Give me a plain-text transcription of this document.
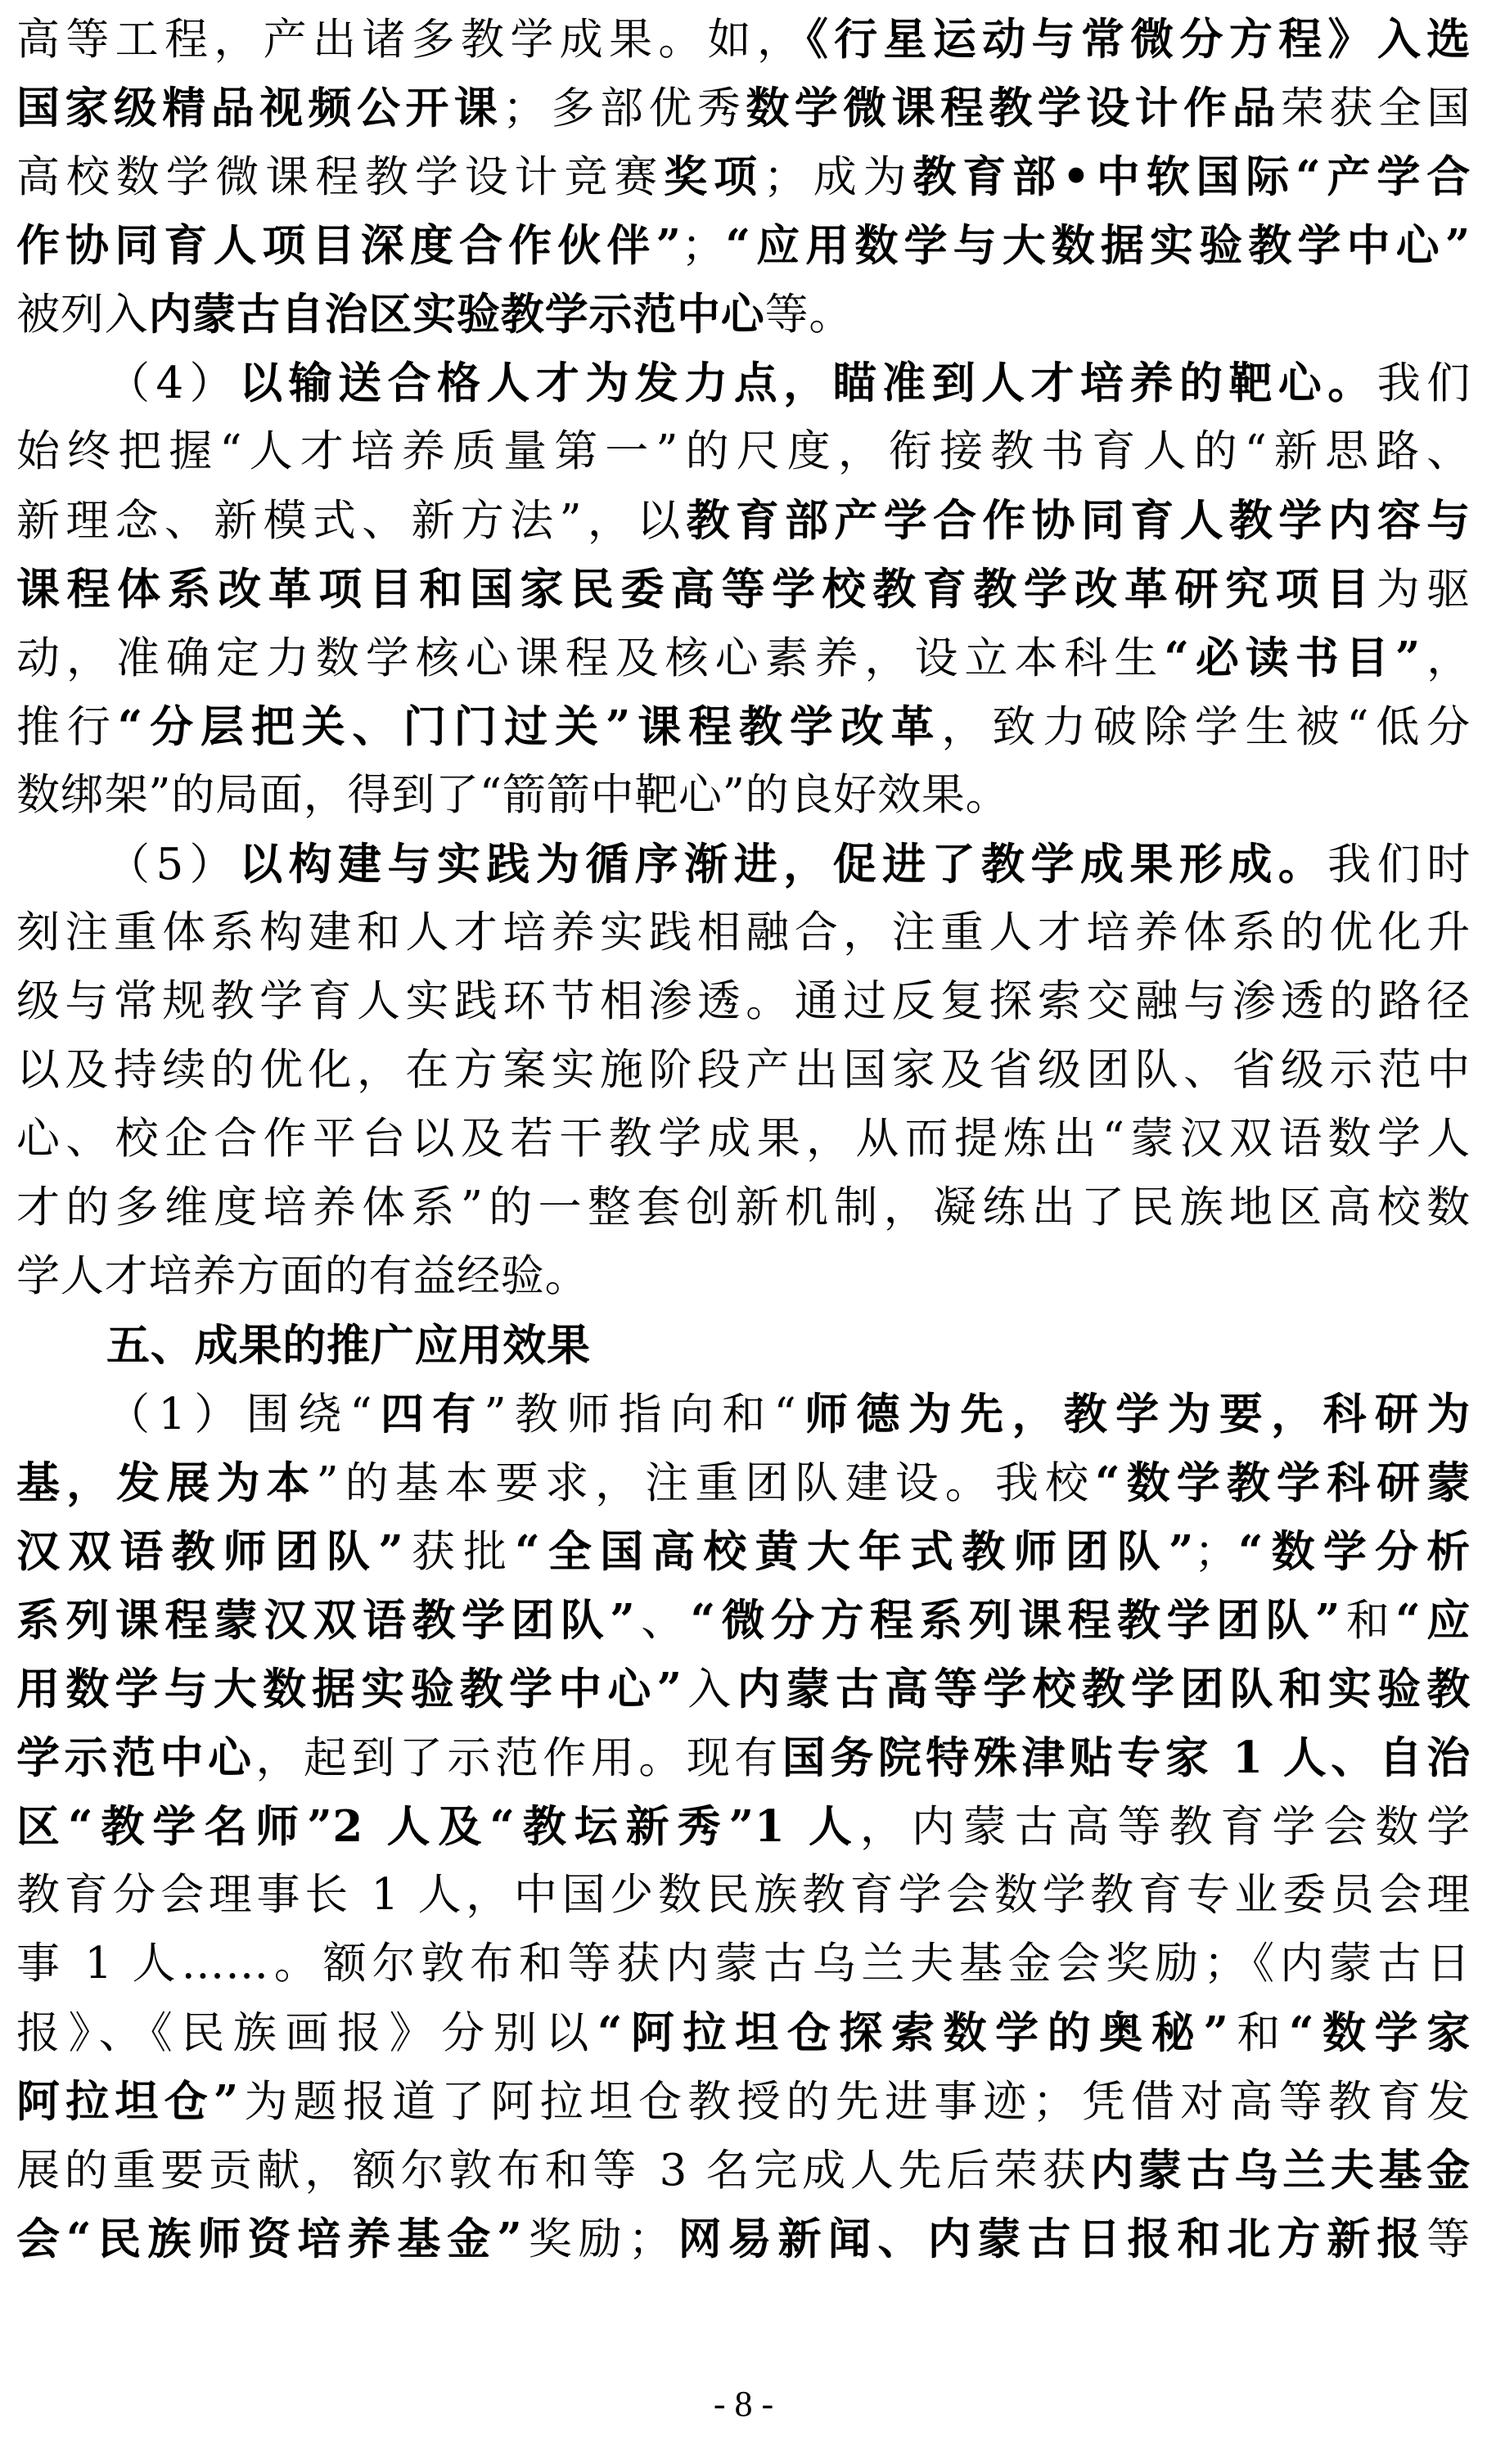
高等工程，产出诸多教学成果。如，《行星运动与常微分方程》入选
国家级精品视频公开课；多部优秀数学微课程教学设计作品荣获全国
高校数学微课程教学设计竞赛奖项；成为教育部•中软国际“产学合
作协同育人项目深度合作伙伴”；“应用数学与大数据实验教学中心”
被列入内蒙古自治区实验教学示范中心等。
（4）以输送合格人才为发力点，瞄准到人才培养的靶心。我们
始终把握“人才培养质量第一”的尺度，衔接教书育人的“新思路、
新理念、新模式、新方法”，以教育部产学合作协同育人教学内容与
课程体系改革项目和国家民委高等学校教育教学改革研究项目为驱
动，准确定力数学核心课程及核心素养，设立本科生“必读书目”，
推行“分层把关、门门过关”课程教学改革，致力破除学生被“低分
数绑架”的局面，得到了“箭箭中靶心”的良好效果。
（5）以构建与实践为循序渐进，促进了教学成果形成。我们时
刻注重体系构建和人才培养实践相融合，注重人才培养体系的优化升
级与常规教学育人实践环节相渗透。通过反复探索交融与渗透的路径
以及持续的优化，在方案实施阶段产出国家及省级团队、省级示范中
心、校企合作平台以及若干教学成果，从而提炼出“蒙汉双语数学人
才的多维度培养体系”的一整套创新机制，凝练出了民族地区高校数
学人才培养方面的有益经验。
五、成果的推广应用效果
（1）围绕“四有”教师指向和“师德为先，教学为要，科研为
基，发展为本”的基本要求，注重团队建设。我校“数学教学科研蒙
汉双语教师团队”获批“全国高校黄大年式教师团队”；“数学分析
系列课程蒙汉双语教学团队”、“微分方程系列课程教学团队”和“应
用数学与大数据实验教学中心”入内蒙古高等学校教学团队和实验教
学示范中心，起到了示范作用。现有国务院特殊津贴专家 1 人、自治
区“教学名师”2 人及“教坛新秀”1 人，内蒙古高等教育学会数学
教育分会理事长 1 人，中国少数民族教育学会数学教育专业委员会理
事 1 人……。额尔敦布和等获内蒙古乌兰夫基金会奖励；《内蒙古日
报》、《民族画报》分别以“阿拉坦仓探索数学的奥秘”和“数学家
阿拉坦仓”为题报道了阿拉坦仓教授的先进事迹；凭借对高等教育发
展的重要贡献，额尔敦布和等 3 名完成人先后荣获内蒙古乌兰夫基金
会“民族师资培养基金”奖励；网易新闻、内蒙古日报和北方新报等
- 8 -
